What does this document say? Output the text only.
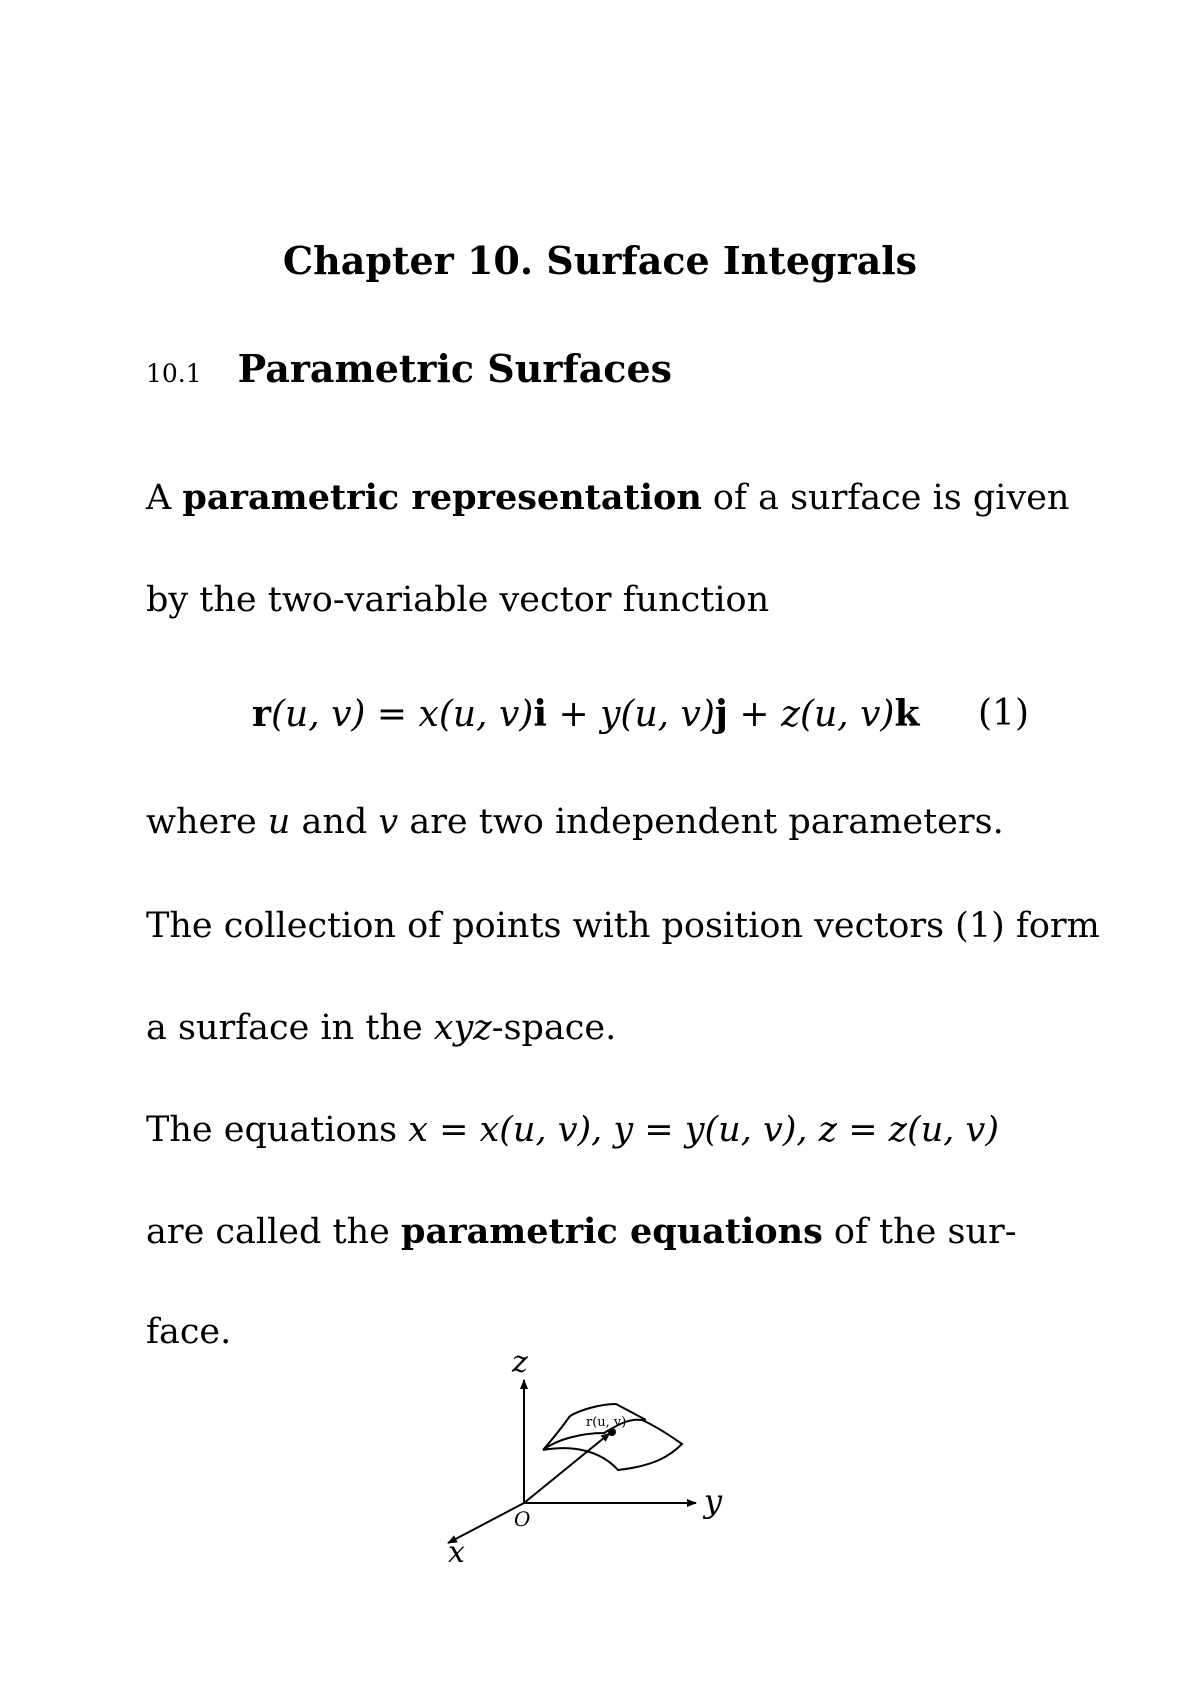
Chapter 10. Surface Integrals
10.1 Parametric Surfaces
A parametric representation of a surface is given
by the two-variable vector function
r(u, v) = x(u, v)i + y(u, v)j + z(u, v)k (1)
where u and v are two independent parameters.
The collection of points with position vectors (1) form
a surface in the xyz-space.
The equations x = x(u, v), y = y(u, v), z = z(u, v)
are called the parametric equations of the sur-
face.
z
y
x
O
r(u, v)
